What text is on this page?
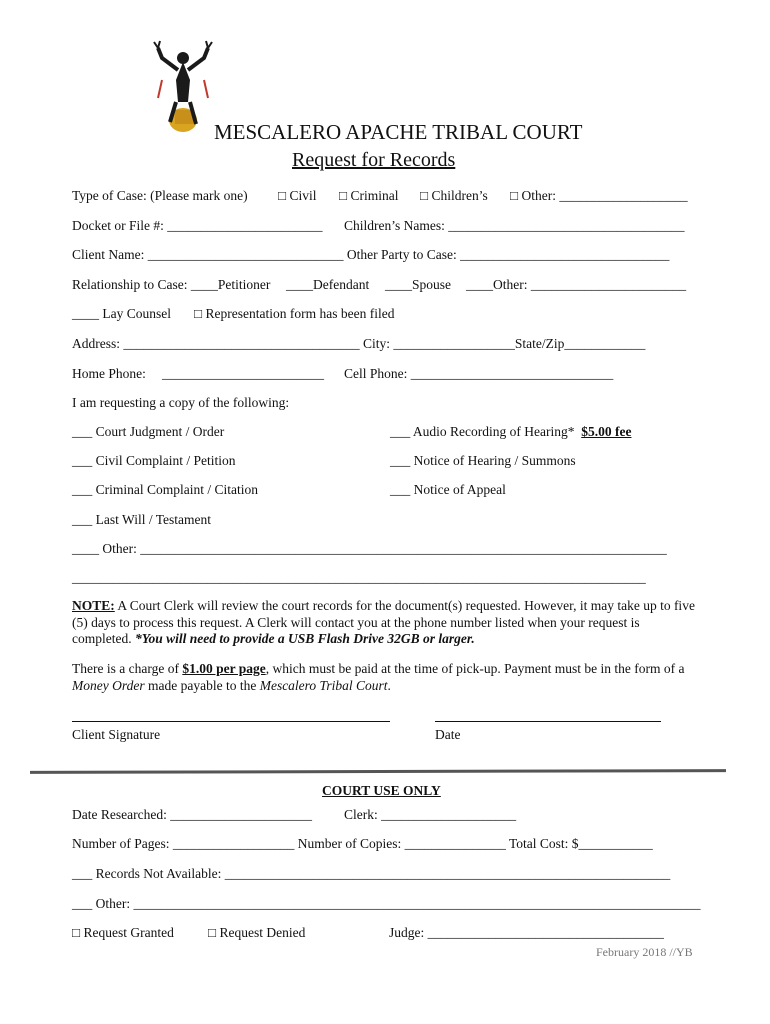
MESCALERO APACHE TRIBAL COURT
Request for Records
Type of Case: (Please mark one) □ Civil □ Criminal □ Children’s □ Other: ___________________
Docket or File #: _______________________ Children’s Names: ___________________________________
Client Name: _____________________________ Other Party to Case: _______________________________
Relationship to Case: ____Petitioner ____Defendant ____Spouse ____Other: _______________________
____ Lay Counsel □ Representation form has been filed
Address: ___________________________________ City: __________________State/Zip____________
Home Phone: ________________________ Cell Phone: ______________________________
I am requesting a copy of the following:
___ Court Judgment / Order	___ Audio Recording of Hearing* $5.00 fee
___ Civil Complaint / Petition	___ Notice of Hearing / Summons
___ Criminal Complaint / Citation	___ Notice of Appeal
___ Last Will / Testament
____ Other: ______________________________________________________________________________
_____________________________________________________________________________________
NOTE: A Court Clerk will review the court records for the document(s) requested. However, it may take up to five (5) days to process this request. A Clerk will contact you at the phone number listed when your request is completed. *You will need to provide a USB Flash Drive 32GB or larger.
There is a charge of $1.00 per page, which must be paid at the time of pick-up. Payment must be in the form of a Money Order made payable to the Mescalero Tribal Court.
Client Signature	Date
COURT USE ONLY
Date Researched: _____________________ Clerk: ____________________
Number of Pages: __________________ Number of Copies: _______________ Total Cost: $___________
___ Records Not Available: __________________________________________________________________
___ Other: ____________________________________________________________________________________
□ Request Granted	□ Request Denied	Judge: ___________________________________
February 2018 //YB
